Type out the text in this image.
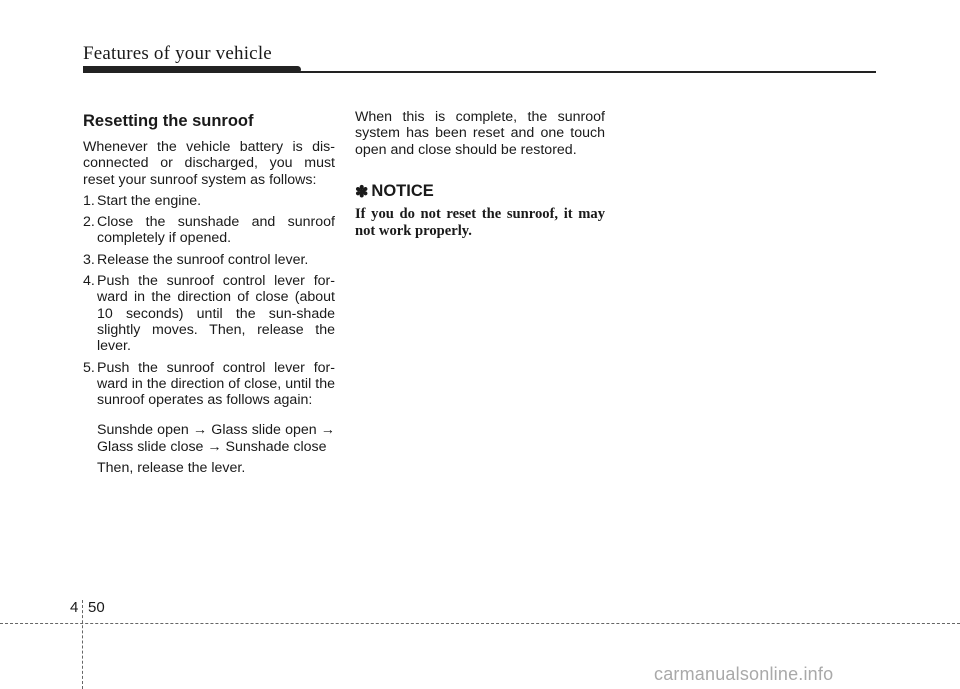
Features of your vehicle
Resetting the sunroof

Whenever the vehicle battery is dis-connected or discharged, you must reset your sunroof system as follows:

1. Start the engine.
2. Close the sunshade and sunroof completely if opened.
3. Release the sunroof control lever.
4. Push the sunroof control lever for-ward in the direction of close (about 10 seconds) until the sun-shade slightly moves. Then, release the lever.
5. Push the sunroof control lever for-ward in the direction of close, until the sunroof operates as follows again:

Sunshde open → Glass slide open → Glass slide close → Sunshade close

Then, release the lever.

When this is complete, the sunroof system has been reset and one touch open and close should be restored.

✽ NOTICE

If you do not reset the sunroof, it may not work properly.

4 50
carmanualsonline.info
